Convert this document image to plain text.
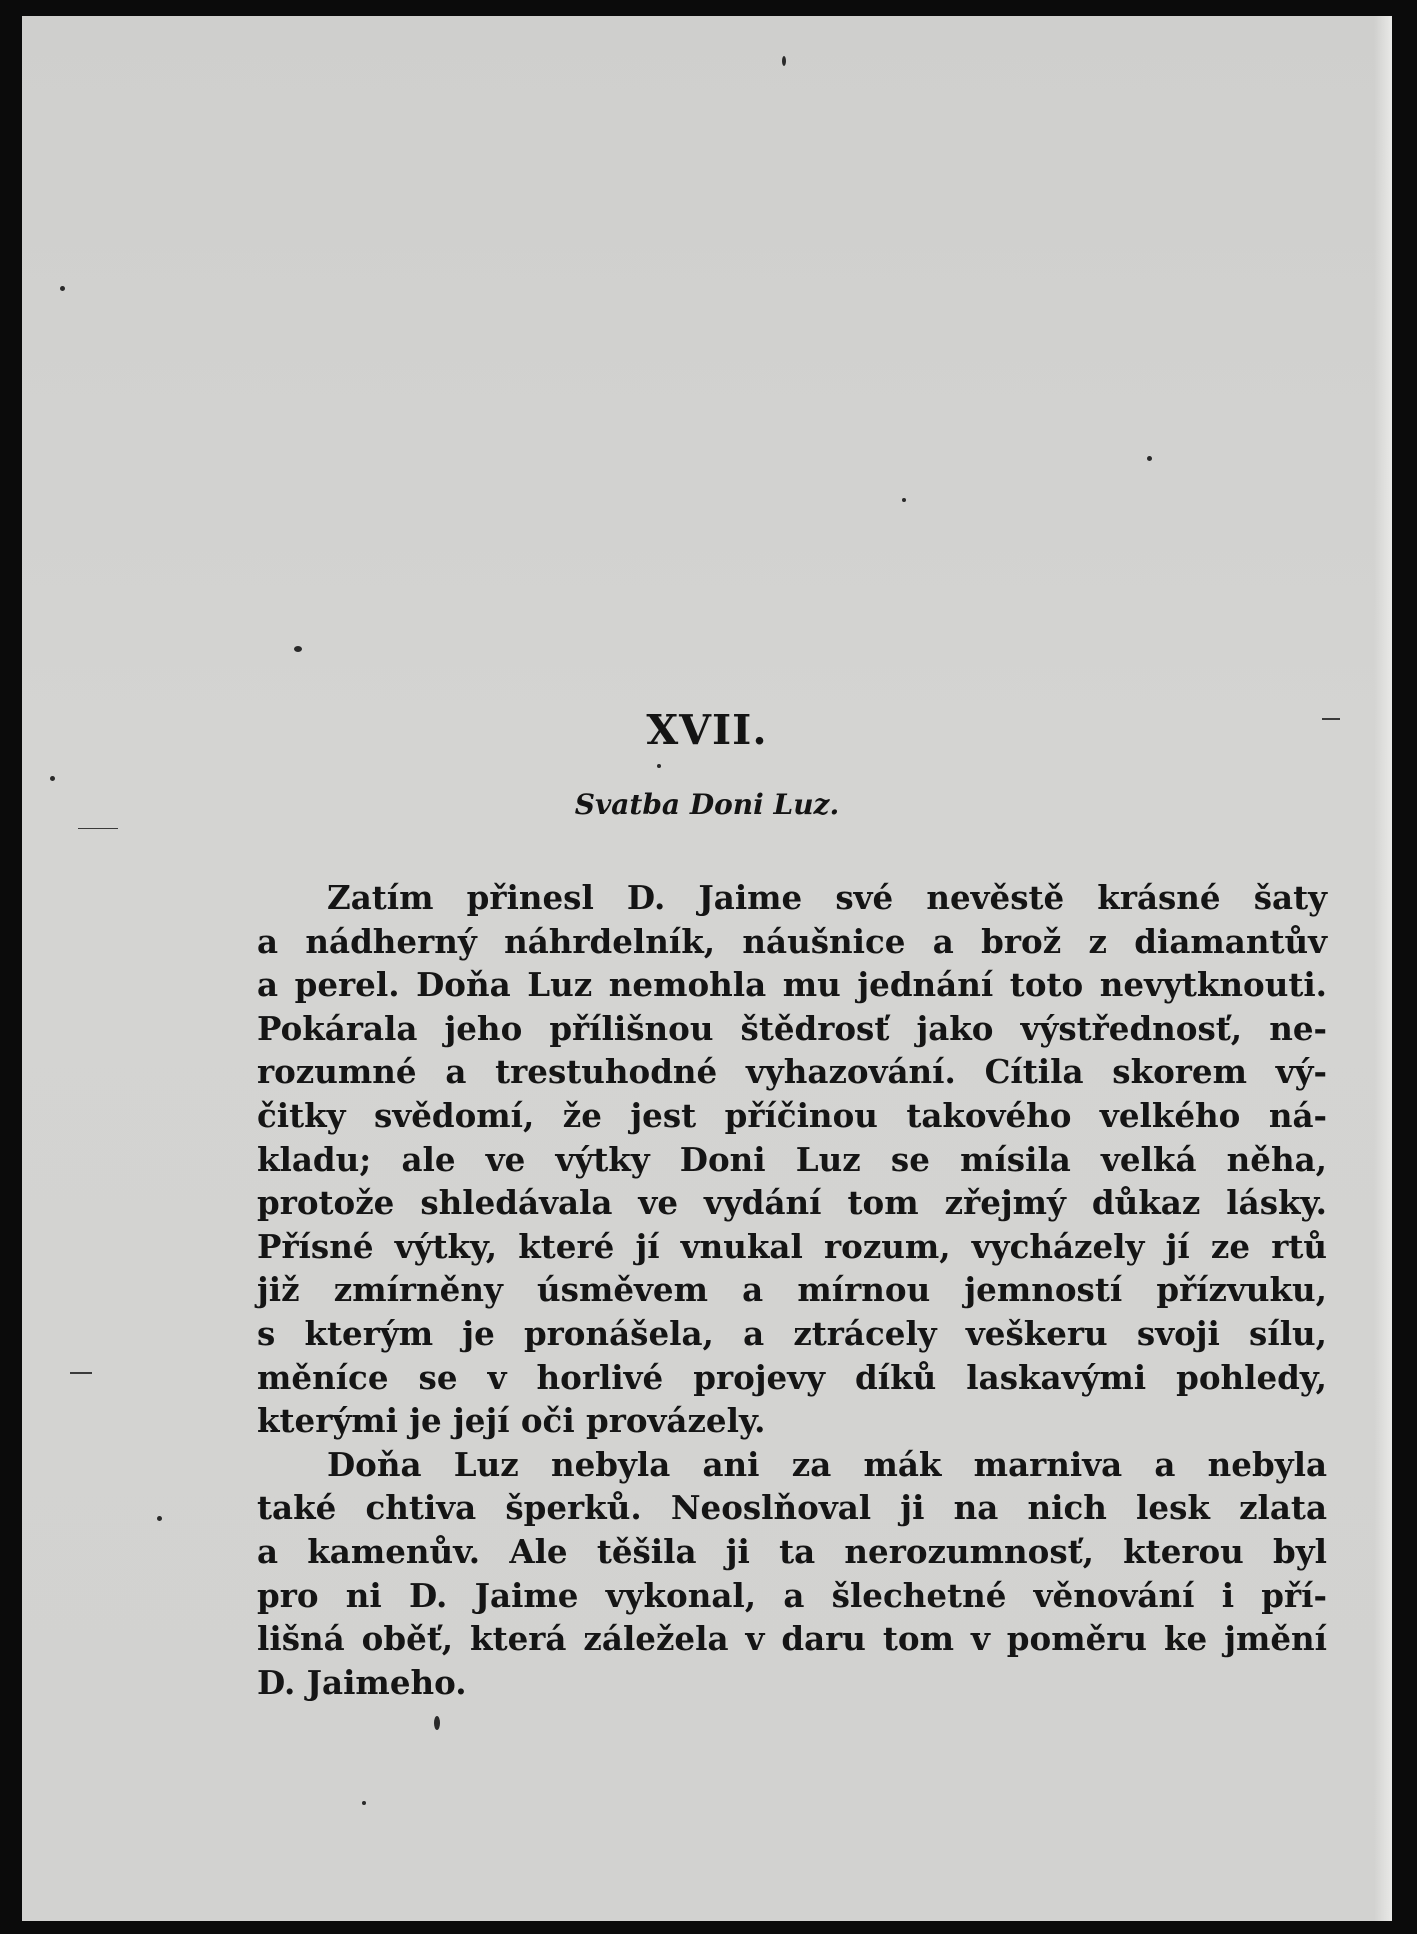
XVII.
Svatba Doni Luz.
Zatím přinesl D. Jaime své nevěstě krásné šaty
a nádherný náhrdelník, náušnice a brož z diamantův
a perel. Doňa Luz nemohla mu jednání toto nevytknouti.
Pokárala jeho přílišnou štědrosť jako výstřednosť, ne-
rozumné a trestuhodné vyhazování. Cítila skorem vý-
čitky svědomí, že jest příčinou takového velkého ná-
kladu; ale ve výtky Doni Luz se mísila velká něha,
protože shledávala ve vydání tom zřejmý důkaz lásky.
Přísné výtky, které jí vnukal rozum, vycházely jí ze rtů
již zmírněny úsměvem a mírnou jemností přízvuku,
s kterým je pronášela, a ztrácely veškeru svoji sílu,
měníce se v horlivé projevy díků laskavými pohledy,
kterými je její oči provázely.
Doňa Luz nebyla ani za mák marniva a nebyla
také chtiva šperků. Neoslňoval ji na nich lesk zlata
a kamenův. Ale těšila ji ta nerozumnosť, kterou byl
pro ni D. Jaime vykonal, a šlechetné věnování i pří-
lišná oběť, která záležela v daru tom v poměru ke jmění
D. Jaimeho.
